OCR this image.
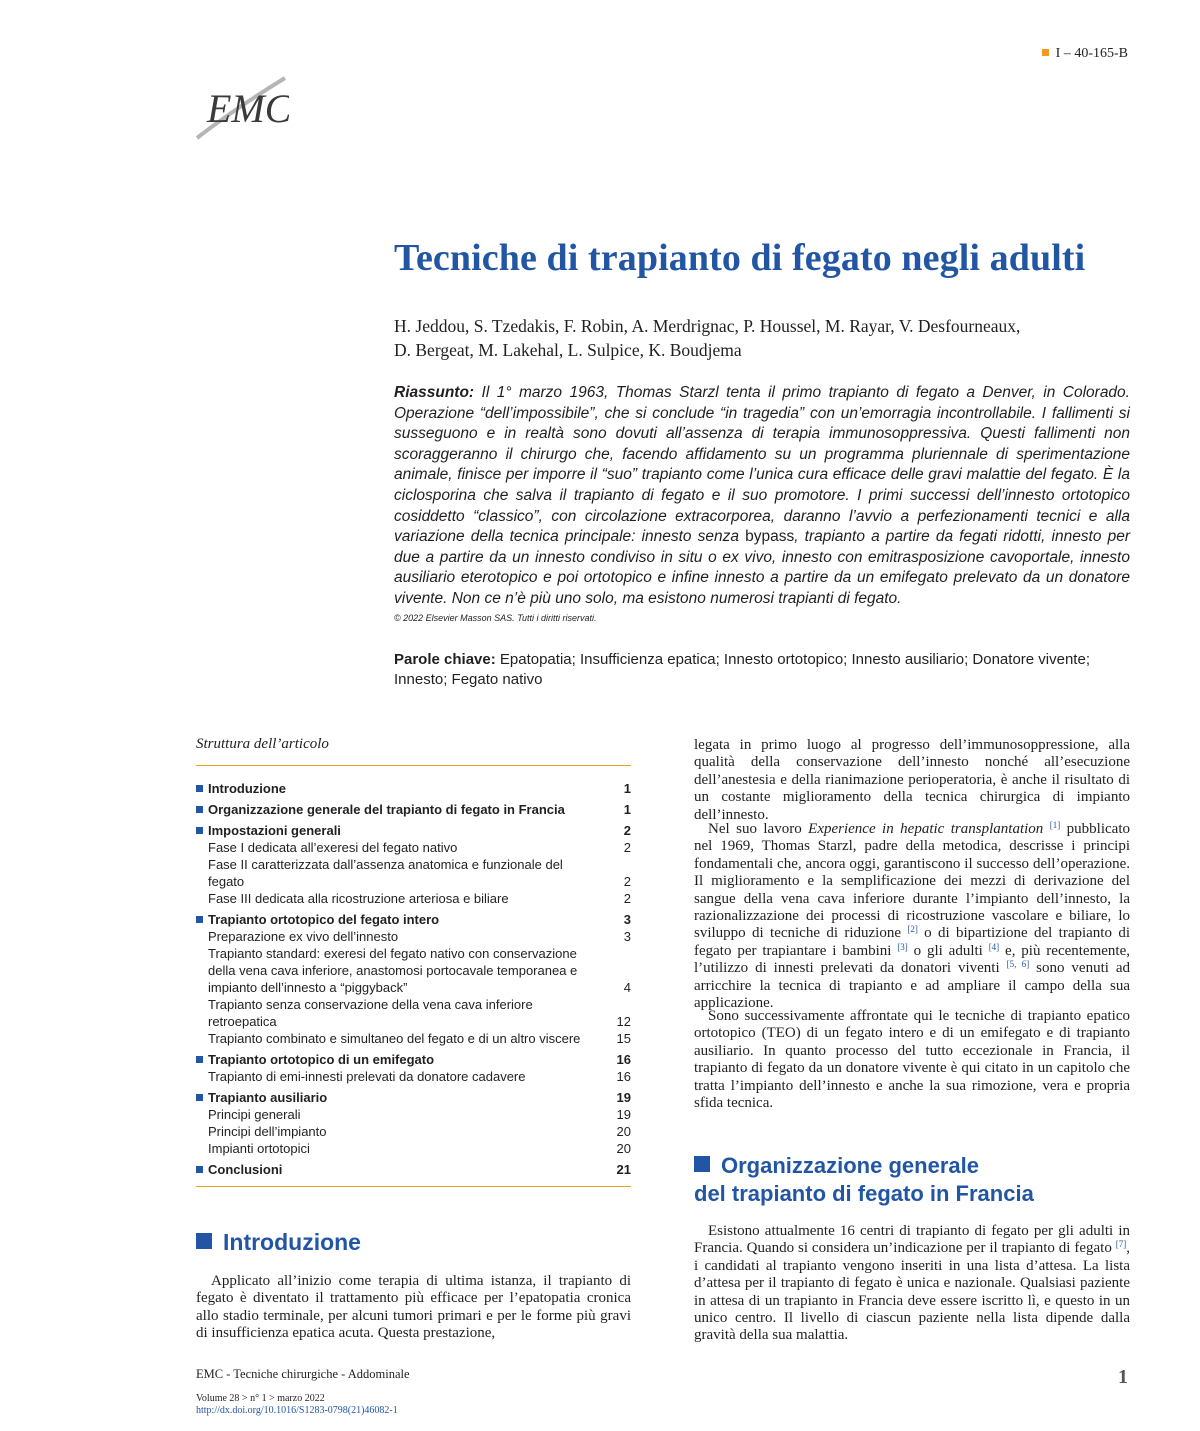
I – 40-165-B
EMC
Tecniche di trapianto di fegato negli adulti
H. Jeddou, S. Tzedakis, F. Robin, A. Merdrignac, P. Houssel, M. Rayar, V. Desfourneaux,
D. Bergeat, M. Lakehal, L. Sulpice, K. Boudjema
Riassunto: Il 1° marzo 1963, Thomas Starzl tenta il primo trapianto di fegato a Denver, in Colorado. Operazione “dell’impossibile”, che si conclude “in tragedia” con un’emorragia incontrollabile. I fallimenti si susseguono e in realtà sono dovuti all’assenza di terapia immunosoppressiva. Questi fallimenti non scoraggeranno il chirurgo che, facendo affidamento su un programma pluriennale di sperimentazione animale, finisce per imporre il “suo” trapianto come l’unica cura efficace delle gravi malattie del fegato. È la ciclosporina che salva il trapianto di fegato e il suo promotore. I primi successi dell’innesto ortotopico cosiddetto “classico”, con circolazione extracorporea, daranno l’avvio a perfezionamenti tecnici e alla variazione della tecnica principale: innesto senza bypass, trapianto a partire da fegati ridotti, innesto per due a partire da un innesto condiviso in situ o ex vivo, innesto con emitrasposizione cavoportale, innesto ausiliario eterotopico e poi ortotopico e infine innesto a partire da un emifegato prelevato da un donatore vivente. Non ce n’è più uno solo, ma esistono numerosi trapianti di fegato.
© 2022 Elsevier Masson SAS. Tutti i diritti riservati.
Parole chiave: Epatopatia; Insufficienza epatica; Innesto ortotopico; Innesto ausiliario; Donatore vivente; Innesto; Fegato nativo
Struttura dell’articolo
Introduzione	1
Organizzazione generale del trapianto di fegato in Francia	1
Impostazioni generali	2
Fase I dedicata all’exeresi del fegato nativo	2
Fase II caratterizzata dall’assenza anatomica e funzionale del fegato	2
Fase III dedicata alla ricostruzione arteriosa e biliare	2
Trapianto ortotopico del fegato intero	3
Preparazione ex vivo dell’innesto	3
Trapianto standard: exeresi del fegato nativo con conservazione della vena cava inferiore, anastomosi portocavale temporanea e impianto dell’innesto a “piggyback”	4
Trapianto senza conservazione della vena cava inferiore retroepatica	12
Trapianto combinato e simultaneo del fegato e di un altro viscere	15
Trapianto ortotopico di un emifegato	16
Trapianto di emi-innesti prelevati da donatore cadavere	16
Trapianto ausiliario	19
Principi generali	19
Principi dell’impianto	20
Impianti ortotopici	20
Conclusioni	21
Introduzione
Applicato all’inizio come terapia di ultima istanza, il trapianto di fegato è diventato il trattamento più efficace per l’epatopatia cronica allo stadio terminale, per alcuni tumori primari e per le forme più gravi di insufficienza epatica acuta. Questa prestazione,
legata in primo luogo al progresso dell’immunosoppressione, alla qualità della conservazione dell’innesto nonché all’esecuzione dell’anestesia e della rianimazione perioperatoria, è anche il risultato di un costante miglioramento della tecnica chirurgica di impianto dell’innesto.
Nel suo lavoro Experience in hepatic transplantation [1] pubblicato nel 1969, Thomas Starzl, padre della metodica, descrisse i principi fondamentali che, ancora oggi, garantiscono il successo dell’operazione. Il miglioramento e la semplificazione dei mezzi di derivazione del sangue della vena cava inferiore durante l’impianto dell’innesto, la razionalizzazione dei processi di ricostruzione vascolare e biliare, lo sviluppo di tecniche di riduzione [2] o di bipartizione del trapianto di fegato per trapiantare i bambini [3] o gli adulti [4] e, più recentemente, l’utilizzo di innesti prelevati da donatori viventi [5, 6] sono venuti ad arricchire la tecnica di trapianto e ad ampliare il campo della sua applicazione.
Sono successivamente affrontate qui le tecniche di trapianto epatico ortotopico (TEO) di un fegato intero e di un emifegato e di trapianto ausiliario. In quanto processo del tutto eccezionale in Francia, il trapianto di fegato da un donatore vivente è qui citato in un capitolo che tratta l’impianto dell’innesto e anche la sua rimozione, vera e propria sfida tecnica.
Organizzazione generale
del trapianto di fegato in Francia
Esistono attualmente 16 centri di trapianto di fegato per gli adulti in Francia. Quando si considera un’indicazione per il trapianto di fegato [7], i candidati al trapianto vengono inseriti in una lista d’attesa. La lista d’attesa per il trapianto di fegato è unica e nazionale. Qualsiasi paziente in attesa di un trapianto in Francia deve essere iscritto lì, e questo in un unico centro. Il livello di ciascun paziente nella lista dipende dalla gravità della sua malattia.
EMC - Tecniche chirurgiche - Addominale
Volume 28 > n° 1 > marzo 2022
http://dx.doi.org/10.1016/S1283-0798(21)46082-1
1
